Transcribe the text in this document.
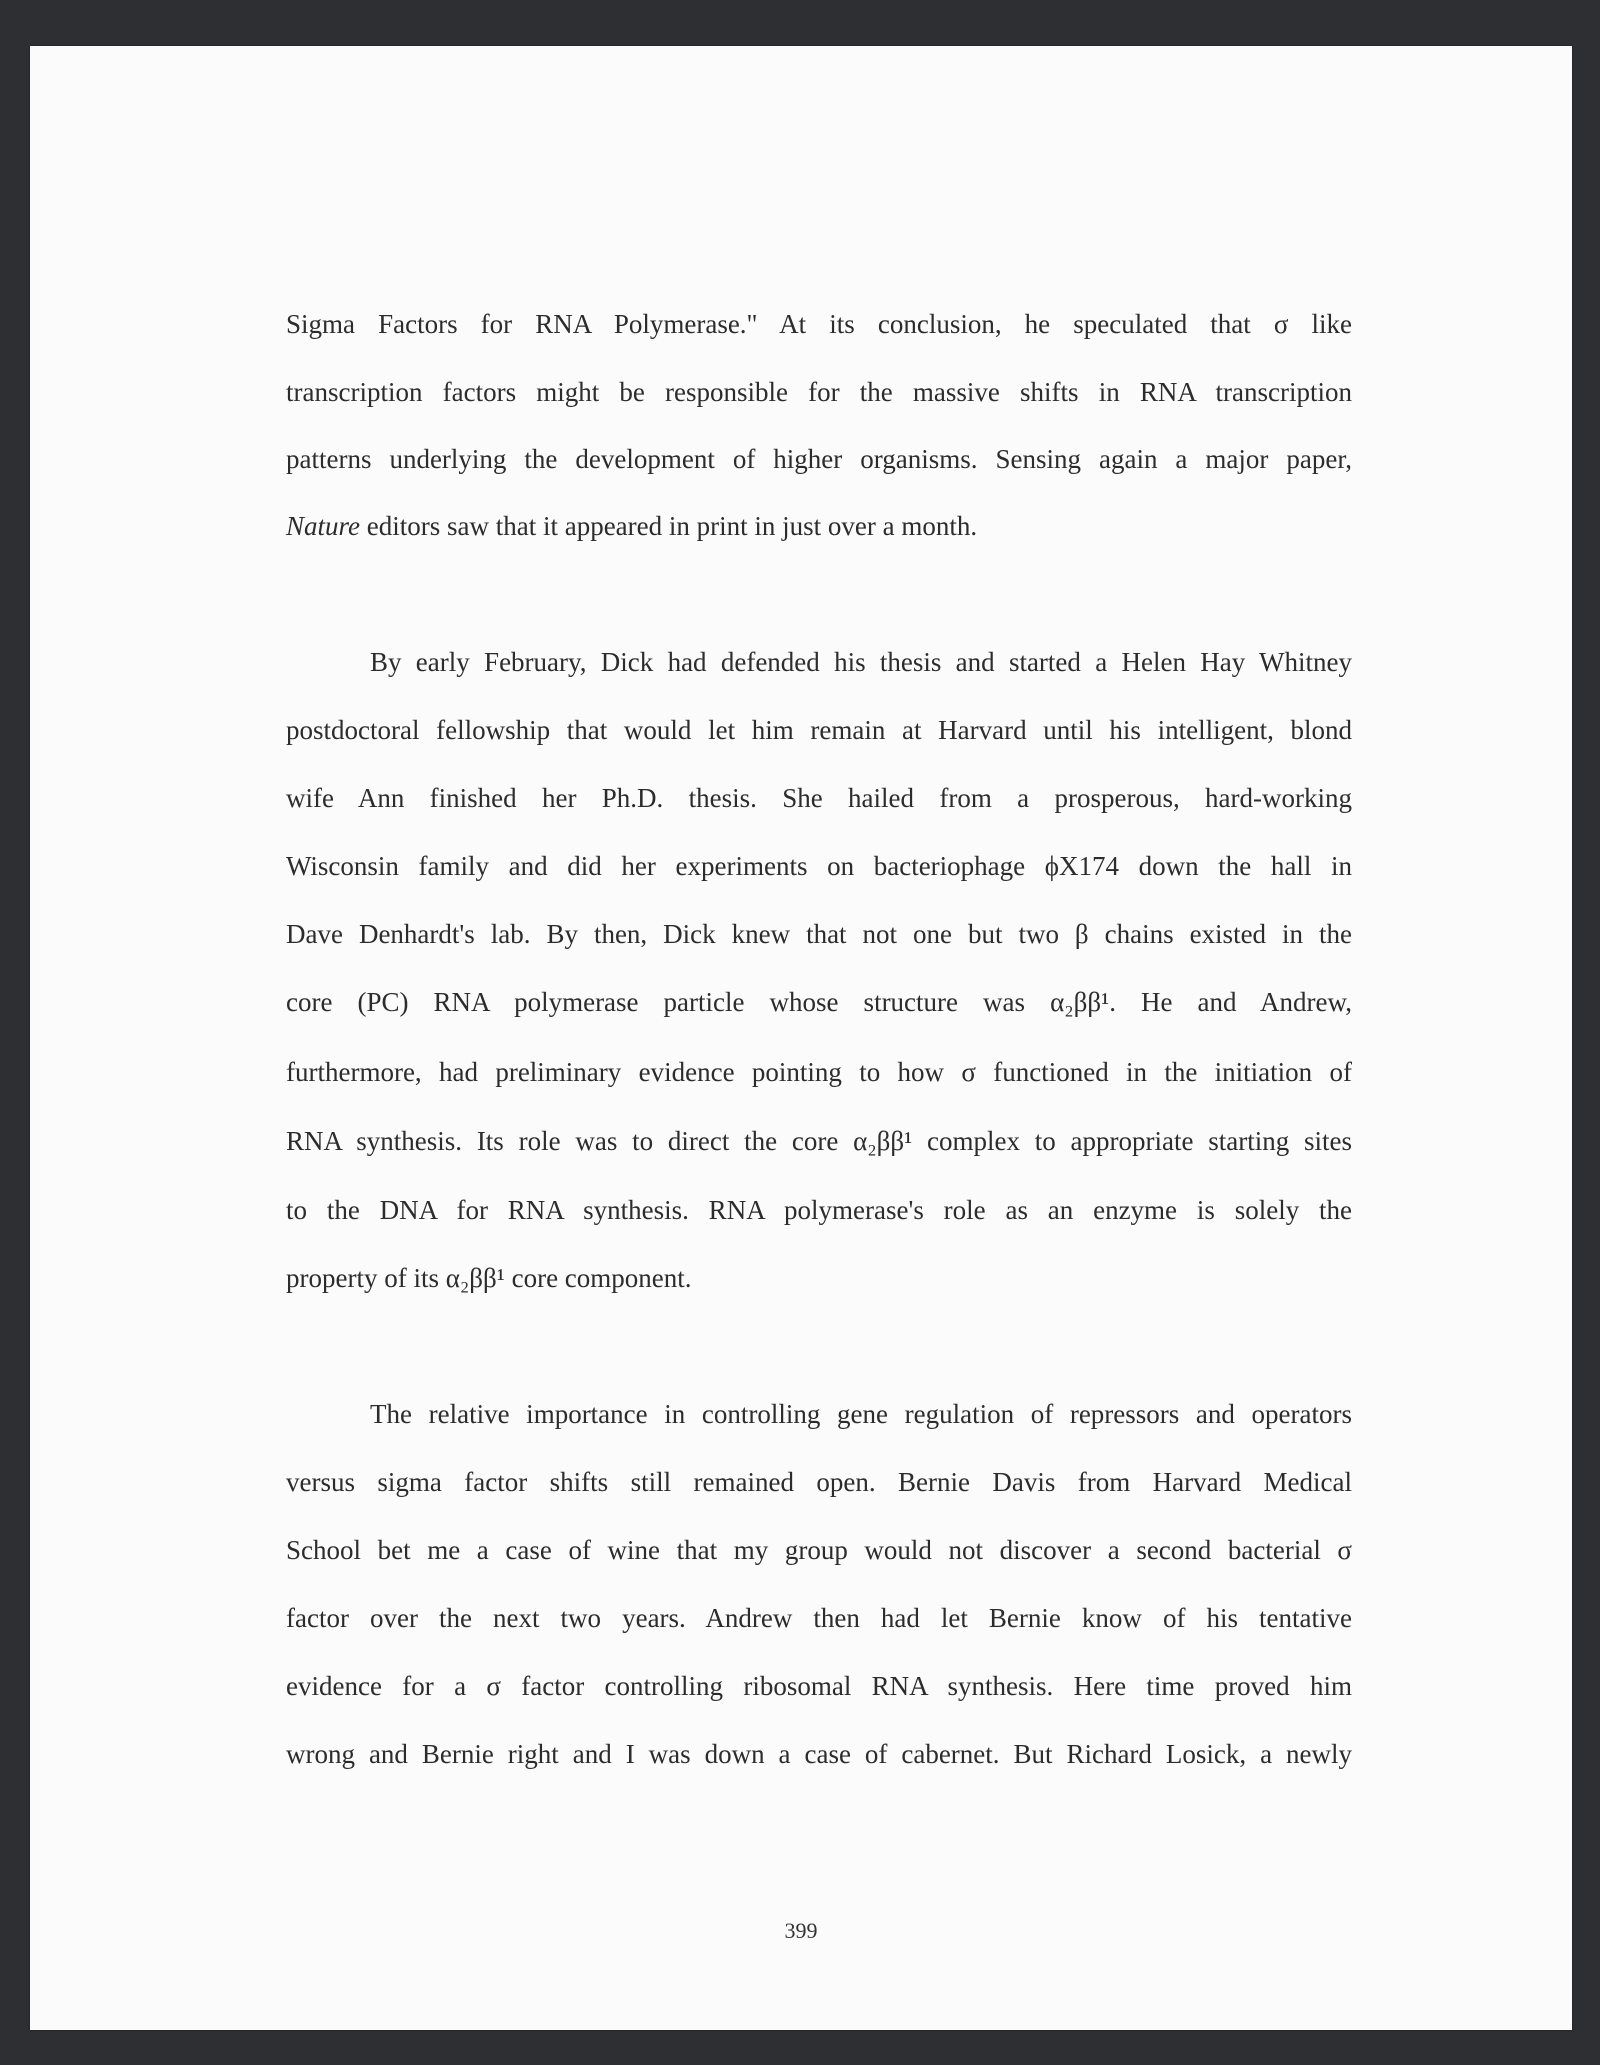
Sigma Factors for RNA Polymerase." At its conclusion, he speculated that σ like
transcription factors might be responsible for the massive shifts in RNA transcription
patterns underlying the development of higher organisms. Sensing again a major paper,
Nature editors saw that it appeared in print in just over a month.
By early February, Dick had defended his thesis and started a Helen Hay Whitney
postdoctoral fellowship that would let him remain at Harvard until his intelligent, blond
wife Ann finished her Ph.D. thesis. She hailed from a prosperous, hard-working
Wisconsin family and did her experiments on bacteriophage ϕX174 down the hall in
Dave Denhardt's lab. By then, Dick knew that not one but two β chains existed in the
core (PC) RNA polymerase particle whose structure was α₂ββ¹. He and Andrew,
furthermore, had preliminary evidence pointing to how σ functioned in the initiation of
RNA synthesis. Its role was to direct the core α₂ββ¹ complex to appropriate starting sites
to the DNA for RNA synthesis. RNA polymerase's role as an enzyme is solely the
property of its α₂ββ¹ core component.
The relative importance in controlling gene regulation of repressors and operators
versus sigma factor shifts still remained open. Bernie Davis from Harvard Medical
School bet me a case of wine that my group would not discover a second bacterial σ
factor over the next two years. Andrew then had let Bernie know of his tentative
evidence for a σ factor controlling ribosomal RNA synthesis. Here time proved him
wrong and Bernie right and I was down a case of cabernet. But Richard Losick, a newly
399
